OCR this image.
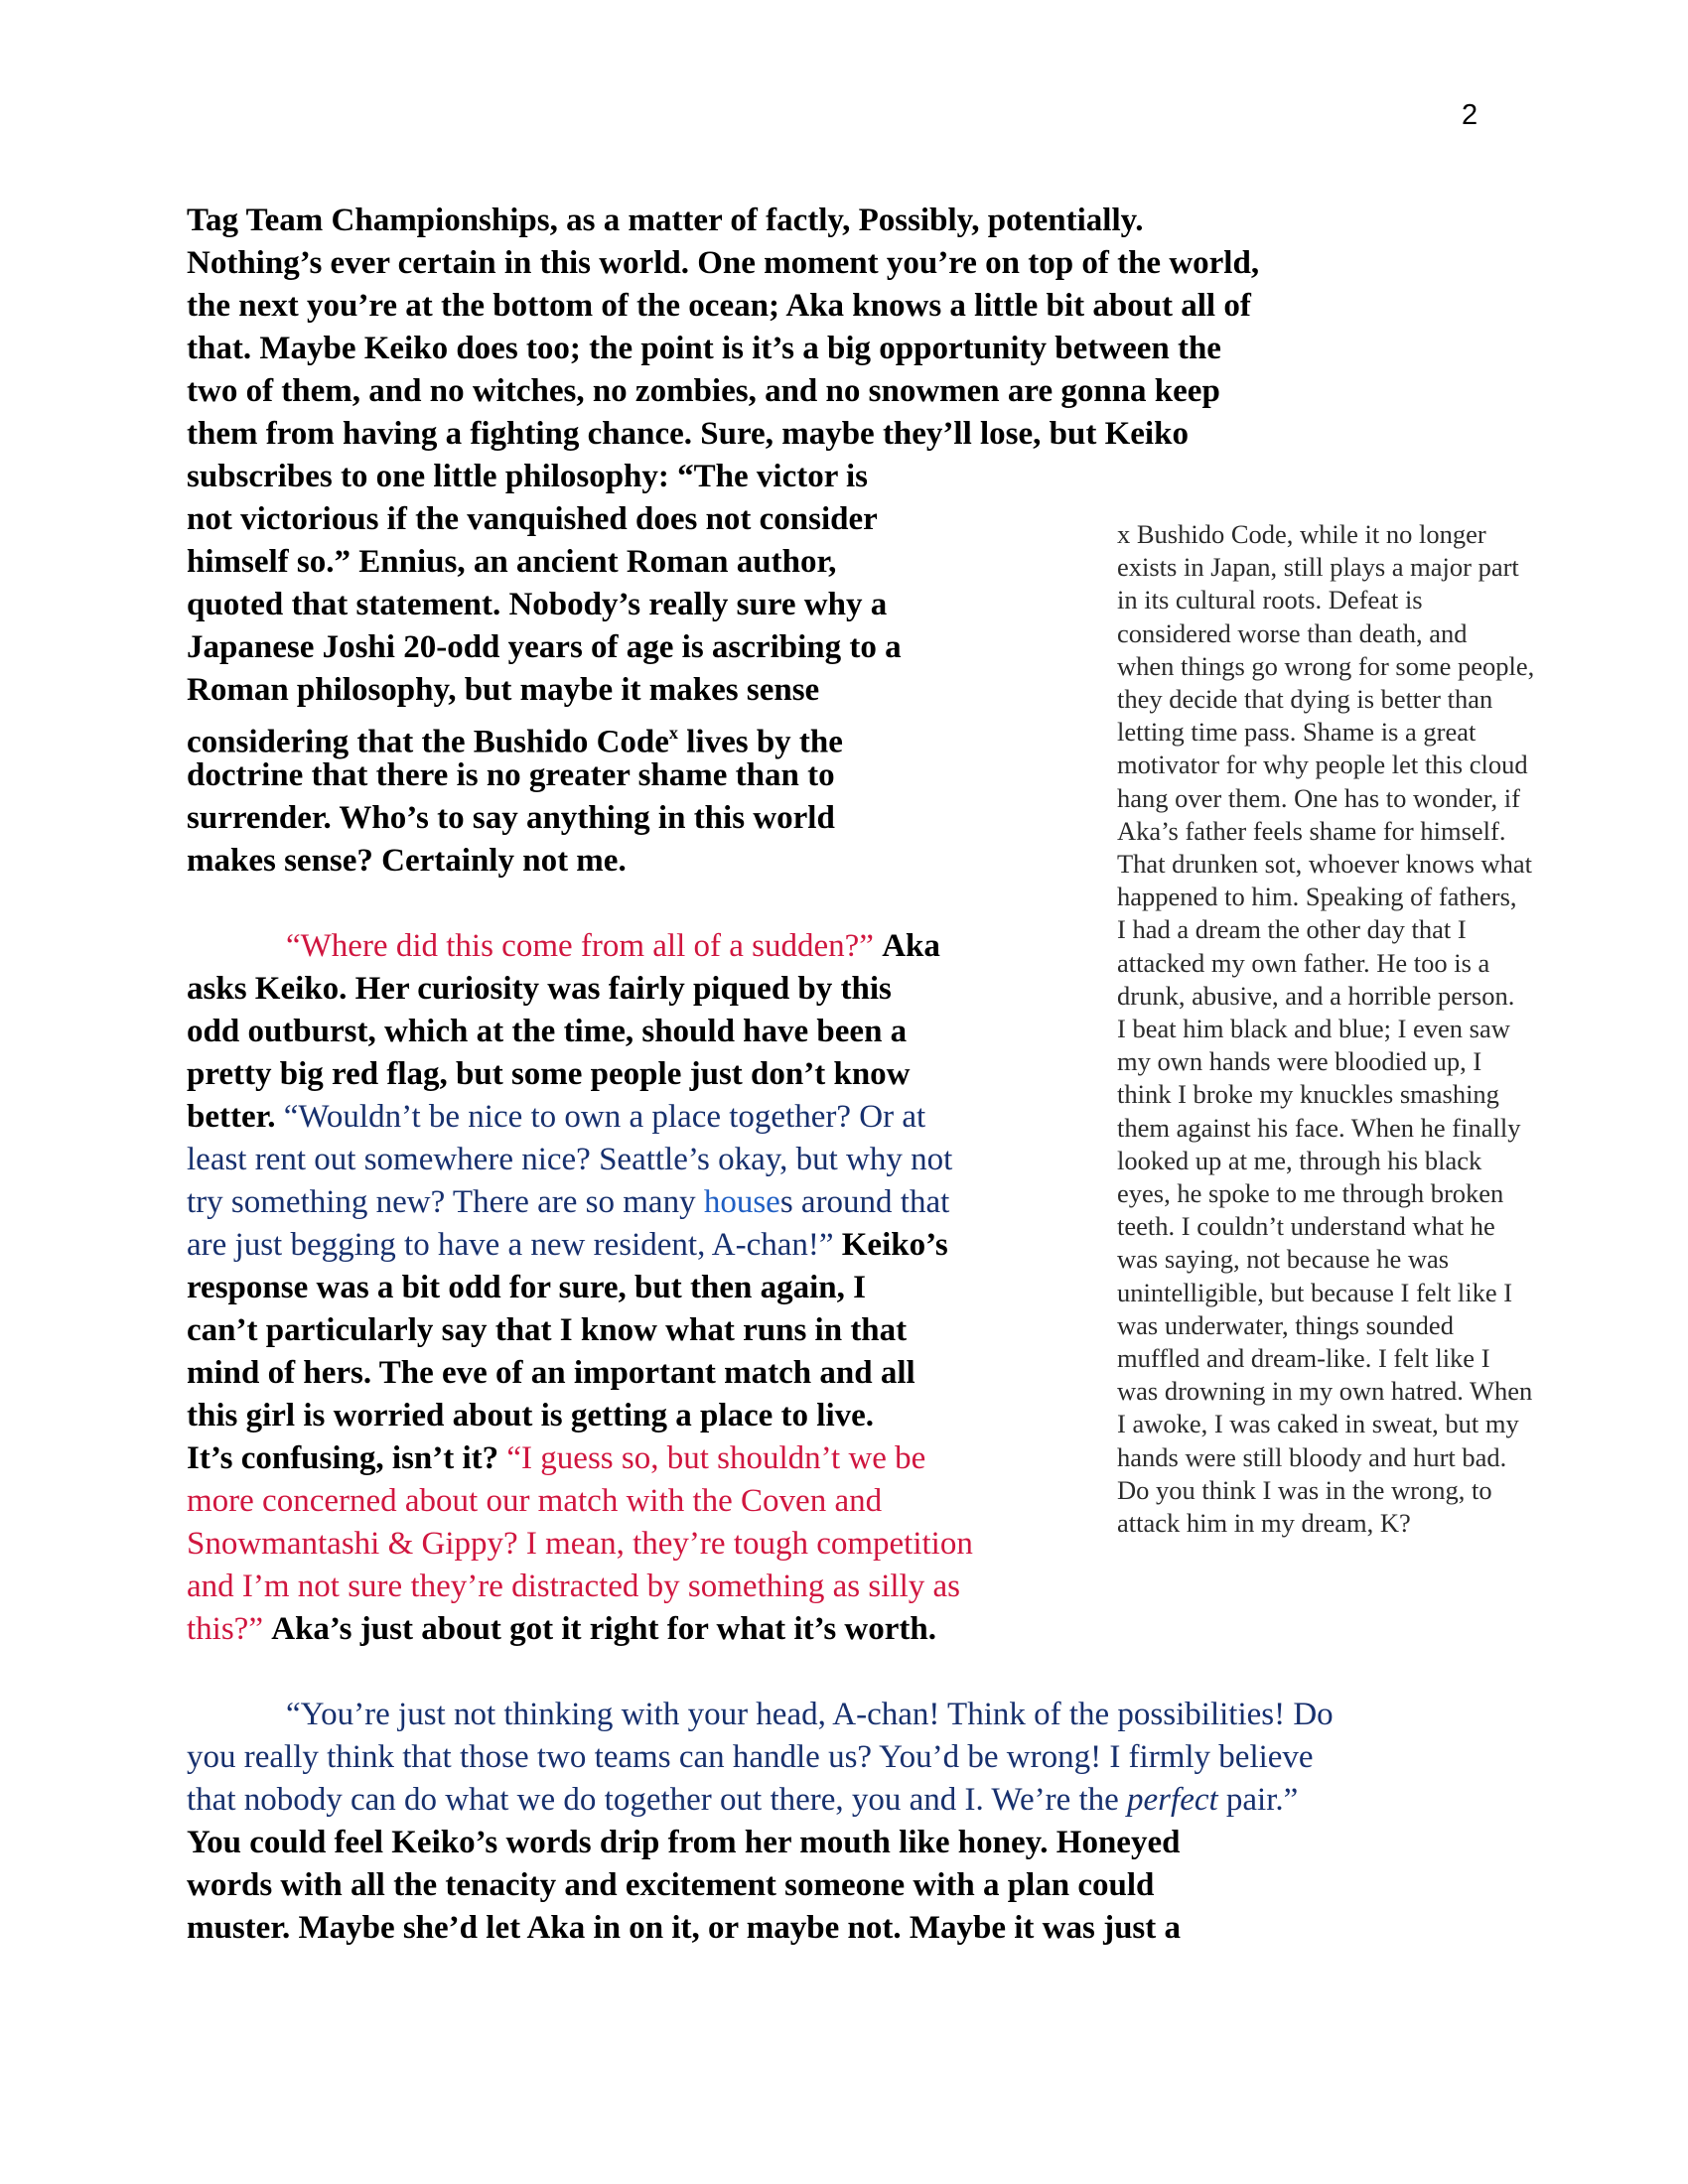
2
Tag Team Championships, as a matter of factly, Possibly, potentially.
Nothing’s ever certain in this world. One moment you’re on top of the world,
the next you’re at the bottom of the ocean; Aka knows a little bit about all of
that. Maybe Keiko does too; the point is it’s a big opportunity between the
two of them, and no witches, no zombies, and no snowmen are gonna keep
them from having a fighting chance. Sure, maybe they’ll lose, but Keiko
subscribes to one little philosophy: “The victor is
not victorious if the vanquished does not consider
himself so.” Ennius, an ancient Roman author,
quoted that statement. Nobody’s really sure why a
Japanese Joshi 20-odd years of age is ascribing to a
Roman philosophy, but maybe it makes sense
considering that the Bushido Code$^x$ lives by the
doctrine that there is no greater shame than to
surrender. Who’s to say anything in this world
makes sense? Certainly not me.
“Where did this come from all of a sudden?” Aka
asks Keiko. Her curiosity was fairly piqued by this
odd outburst, which at the time, should have been a
pretty big red flag, but some people just don’t know
better. “Wouldn’t be nice to own a place together? Or at
least rent out somewhere nice? Seattle’s okay, but why not
try something new? There are so many houses around that
are just begging to have a new resident, A-chan!” Keiko’s
response was a bit odd for sure, but then again, I
can’t particularly say that I know what runs in that
mind of hers. The eve of an important match and all
this girl is worried about is getting a place to live.
It’s confusing, isn’t it? “I guess so, but shouldn’t we be
more concerned about our match with the Coven and
Snowmantashi & Gippy? I mean, they’re tough competition
and I’m not sure they’re distracted by something as silly as
this?” Aka’s just about got it right for what it’s worth.
“You’re just not thinking with your head, A-chan! Think of the possibilities! Do
you really think that those two teams can handle us? You’d be wrong! I firmly believe
that nobody can do what we do together out there, you and I. We’re the perfect pair.”
You could feel Keiko’s words drip from her mouth like honey. Honeyed
words with all the tenacity and excitement someone with a plan could
muster. Maybe she’d let Aka in on it, or maybe not. Maybe it was just a
x Bushido Code, while it no longer
exists in Japan, still plays a major part
in its cultural roots. Defeat is
considered worse than death, and
when things go wrong for some people,
they decide that dying is better than
letting time pass. Shame is a great
motivator for why people let this cloud
hang over them. One has to wonder, if
Aka’s father feels shame for himself.
That drunken sot, whoever knows what
happened to him. Speaking of fathers,
I had a dream the other day that I
attacked my own father. He too is a
drunk, abusive, and a horrible person.
I beat him black and blue; I even saw
my own hands were bloodied up, I
think I broke my knuckles smashing
them against his face. When he finally
looked up at me, through his black
eyes, he spoke to me through broken
teeth. I couldn’t understand what he
was saying, not because he was
unintelligible, but because I felt like I
was underwater, things sounded
muffled and dream-like. I felt like I
was drowning in my own hatred. When
I awoke, I was caked in sweat, but my
hands were still bloody and hurt bad.
Do you think I was in the wrong, to
attack him in my dream, K?
